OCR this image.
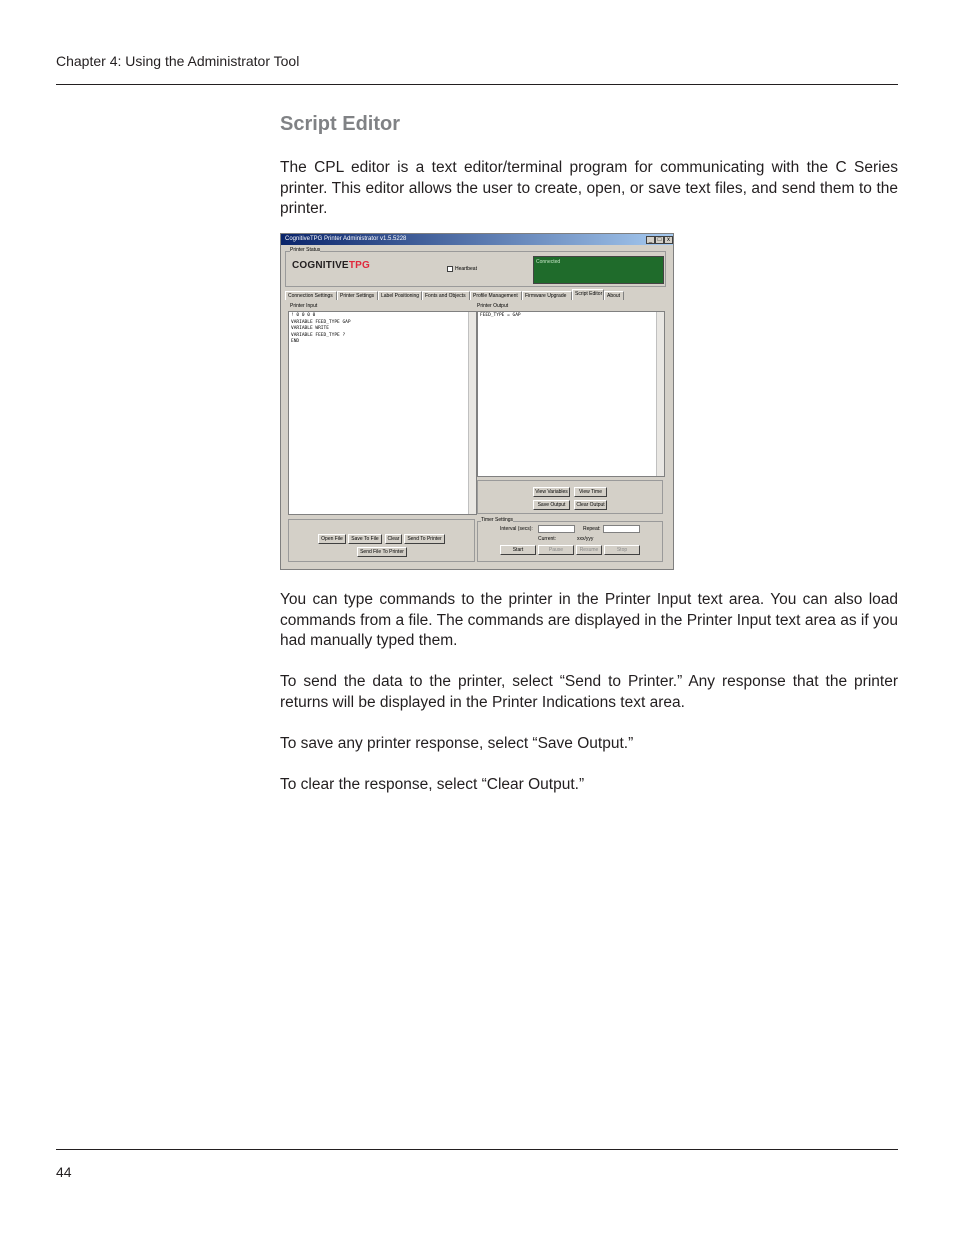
Chapter 4: Using the Administrator Tool
Script Editor
The CPL editor is a text editor/terminal program for communicating with the C Series printer. This editor allows the user to create, open, or save text files, and send them to the printer.
CognitiveTPG Printer Administrator v1.5.5228	_ □ x
Printer Status
COGNITIVETPG	Heartbeat
Connected
Connection Settings	Printer Settings	Label Positioning	Fonts and Objects	Profile Management	Firmware Upgrade	Script Editor About
Printer Input
! 0 0 0 0
VARIABLE FEED_TYPE GAP
VARIABLE WRITE
VARIABLE FEED_TYPE ?
END
Printer Output
FEED_TYPE = GAP
View Variables	View Time
Save Output	Clear Output
Open File	Save To File	Clear	Send To Printer
Send File To Printer
Timer Settings
Interval (secs):	Repeat:
Current:	xxx/yyy
Start	Pause	Resume	Stop
You can type commands to the printer in the Printer Input text area. You can also load commands from a file. The commands are displayed in the Printer Input text area as if you had manually typed them.
To send the data to the printer, select “Send to Printer.” Any response that the printer returns will be displayed in the Printer Indications text area.
To save any printer response, select “Save Output.”
To clear the response, select “Clear Output.”
44
